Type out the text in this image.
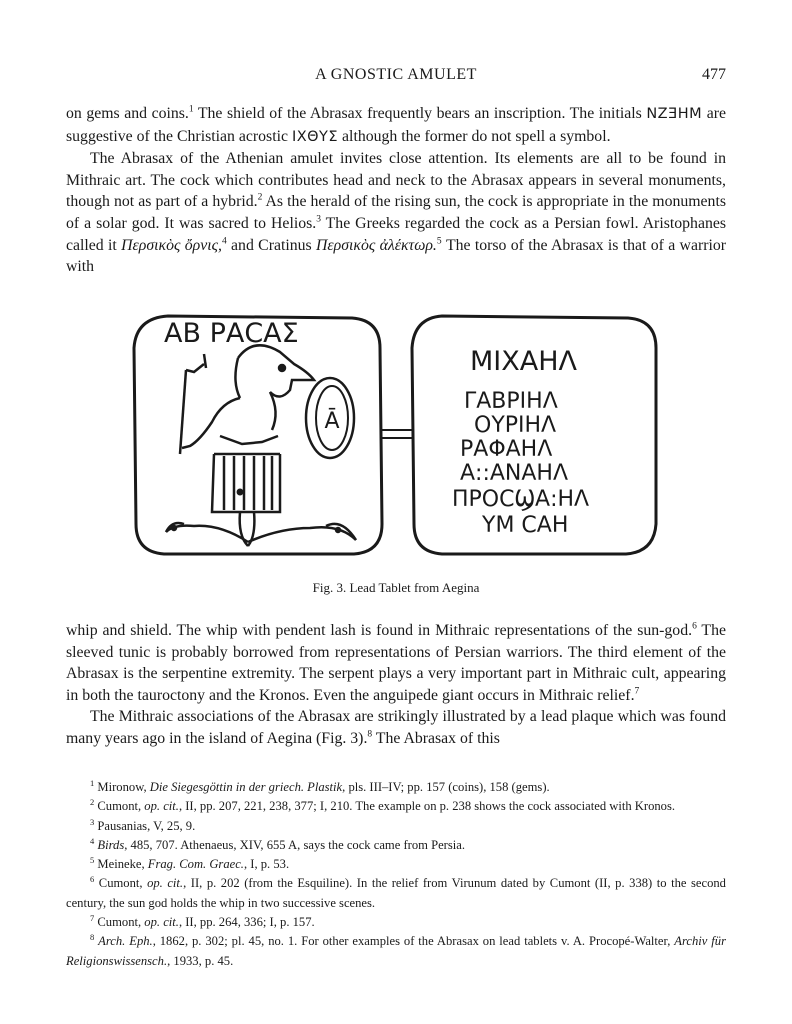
A GNOSTIC AMULET	477

on gems and coins.$^1$ The shield of the Abrasax frequently bears an inscription. The initials NZƎHM are suggestive of the Christian acrostic ΙΧΘΥΣ although the former do not spell a symbol.

The Abrasax of the Athenian amulet invites close attention. Its elements are all to be found in Mithraic art. The cock which contributes head and neck to the Abrasax appears in several monuments, though not as part of a hybrid.$^2$ As the herald of the rising sun, the cock is appropriate in the monuments of a solar god. It was sacred to Helios.$^3$ The Greeks regarded the cock as a Persian fowl. Aristophanes called it Περσικὸς ὄρνις,$^4$ and Cratinus Περσικὸς ἀλέκτωρ.$^5$ The torso of the Abrasax is that of a warrior with

ΑΒ ΡΑϹΑΣ
Ā
ΜΙΧΑΗΛ
ΓΑΒΡΙΗΛ
ΟΥΡΙΗΛ
ΡΑΦΑΗΛ
Α::ΑΝΑΗΛ
ΠΡΟϹϢΑ:ΗΛ
ΥΜ ϹΑΗ
Fig. 3. Lead Tablet from Aegina

whip and shield. The whip with pendent lash is found in Mithraic representations of the sun-god.$^6$ The sleeved tunic is probably borrowed from representations of Persian warriors. The third element of the Abrasax is the serpentine extremity. The serpent plays a very important part in Mithraic cult, appearing in both the tauroctony and the Kronos. Even the anguipede giant occurs in Mithraic relief.$^7$

The Mithraic associations of the Abrasax are strikingly illustrated by a lead plaque which was found many years ago in the island of Aegina (Fig. 3).$^8$ The Abrasax of this

$^1$ Mironow, Die Siegesgöttin in der griech. Plastik, pls. III–IV; pp. 157 (coins), 158 (gems).

$^2$ Cumont, op. cit., II, pp. 207, 221, 238, 377; I, 210. The example on p. 238 shows the cock associated with Kronos.

$^3$ Pausanias, V, 25, 9.

$^4$ Birds, 485, 707. Athenaeus, XIV, 655 A, says the cock came from Persia.

$^5$ Meineke, Frag. Com. Graec., I, p. 53.

$^6$ Cumont, op. cit., II, p. 202 (from the Esquiline). In the relief from Virunum dated by Cumont (II, p. 338) to the second century, the sun god holds the whip in two successive scenes.

$^7$ Cumont, op. cit., II, pp. 264, 336; I, p. 157.

$^8$ Arch. Eph., 1862, p. 302; pl. 45, no. 1. For other examples of the Abrasax on lead tablets v. A. Procopé-Walter, Archiv für Religionswissensch., 1933, p. 45.
